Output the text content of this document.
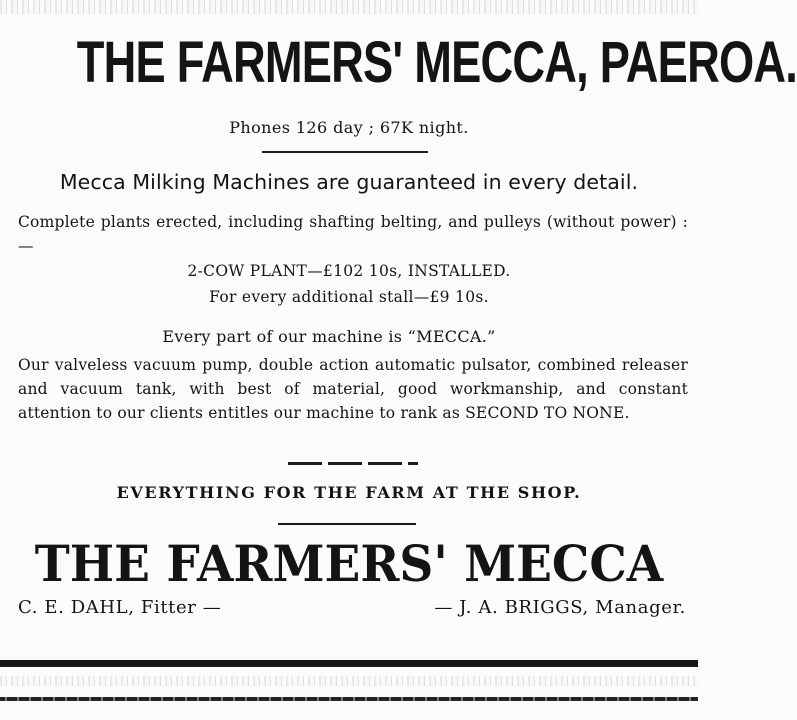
THE FARMERS' MECCA, PAEROA.
Phones 126 day ; 67K night.
Mecca Milking Machines are guaranteed in every detail.
Complete plants erected, including shafting belting, and pulleys (without power) :—
2-COW PLANT—£102 10s, INSTALLED.
For every additional stall—£9 10s.
Every part of our machine is “MECCA.”
Our valveless vacuum pump, double action automatic pulsator, combined releaser and vacuum tank, with best of material, good workmanship, and constant attention to our clients entitles our machine to rank as SECOND TO NONE.
EVERYTHING FOR THE FARM AT THE SHOP.
THE FARMERS' MECCA
C. E. DAHL, Fitter —	— J. A. BRIGGS, Manager.
